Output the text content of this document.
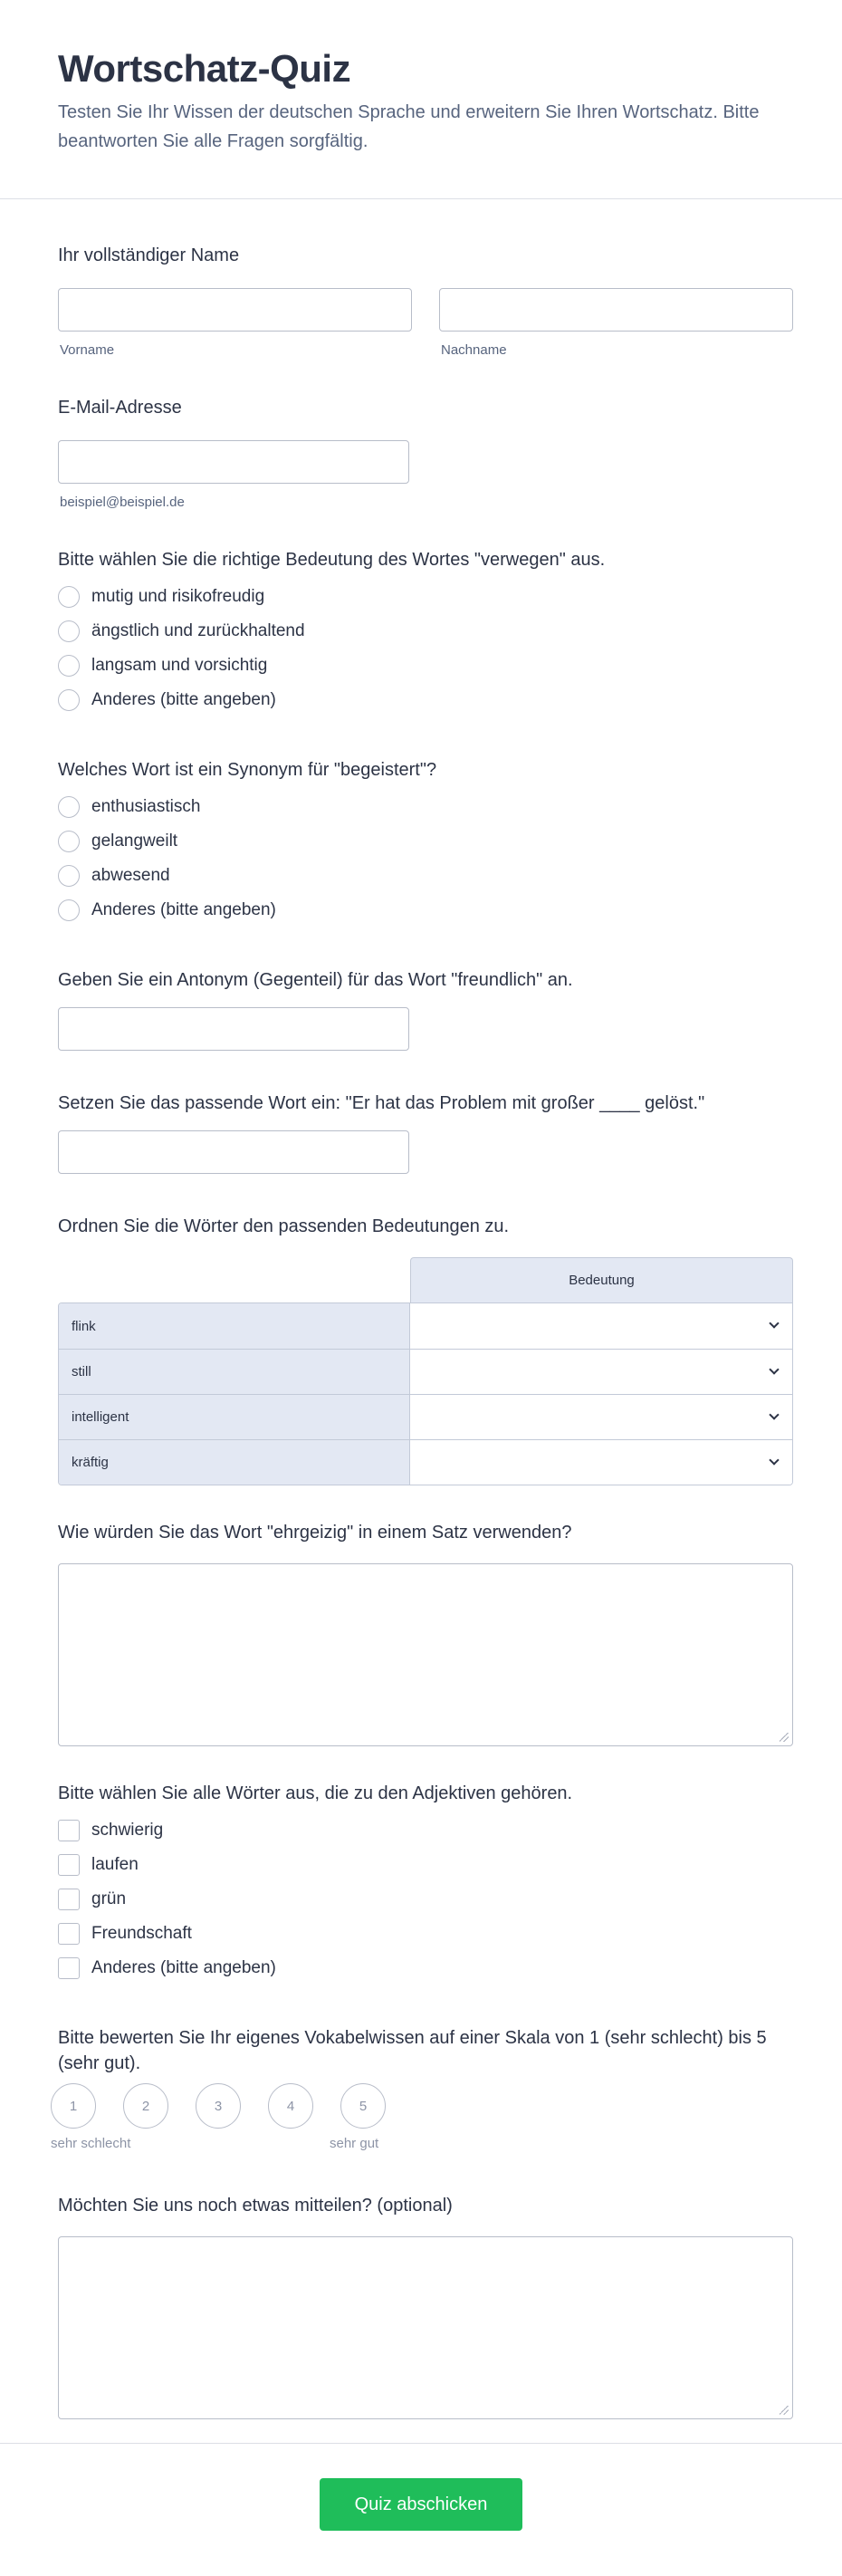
Wortschatz-Quiz

Testen Sie Ihr Wissen der deutschen Sprache und erweitern Sie Ihren Wortschatz. Bitte beantworten Sie alle Fragen sorgfältig.

Ihr vollständiger Name
Vorname	Nachname
E-Mail-Adresse
beispiel@beispiel.de
Bitte wählen Sie die richtige Bedeutung des Wortes "verwegen" aus.
mutig und risikofreudig
ängstlich und zurückhaltend
langsam und vorsichtig
Anderes (bitte angeben)
Welches Wort ist ein Synonym für "begeistert"?
enthusiastisch
gelangweilt
abwesend
Anderes (bitte angeben)
Geben Sie ein Antonym (Gegenteil) für das Wort "freundlich" an.
Setzen Sie das passende Wort ein: "Er hat das Problem mit großer ____ gelöst."
Ordnen Sie die Wörter den passenden Bedeutungen zu.
Bedeutung
flink
still
intelligent
kräftig
Wie würden Sie das Wort "ehrgeizig" in einem Satz verwenden?
Bitte wählen Sie alle Wörter aus, die zu den Adjektiven gehören.
schwierig
laufen
grün
Freundschaft
Anderes (bitte angeben)
Bitte bewerten Sie Ihr eigenes Vokabelwissen auf einer Skala von 1 (sehr schlecht) bis 5 (sehr gut).
1	2	3	4	5
sehr schlecht	sehr gut
Möchten Sie uns noch etwas mitteilen? (optional)
Quiz abschicken
